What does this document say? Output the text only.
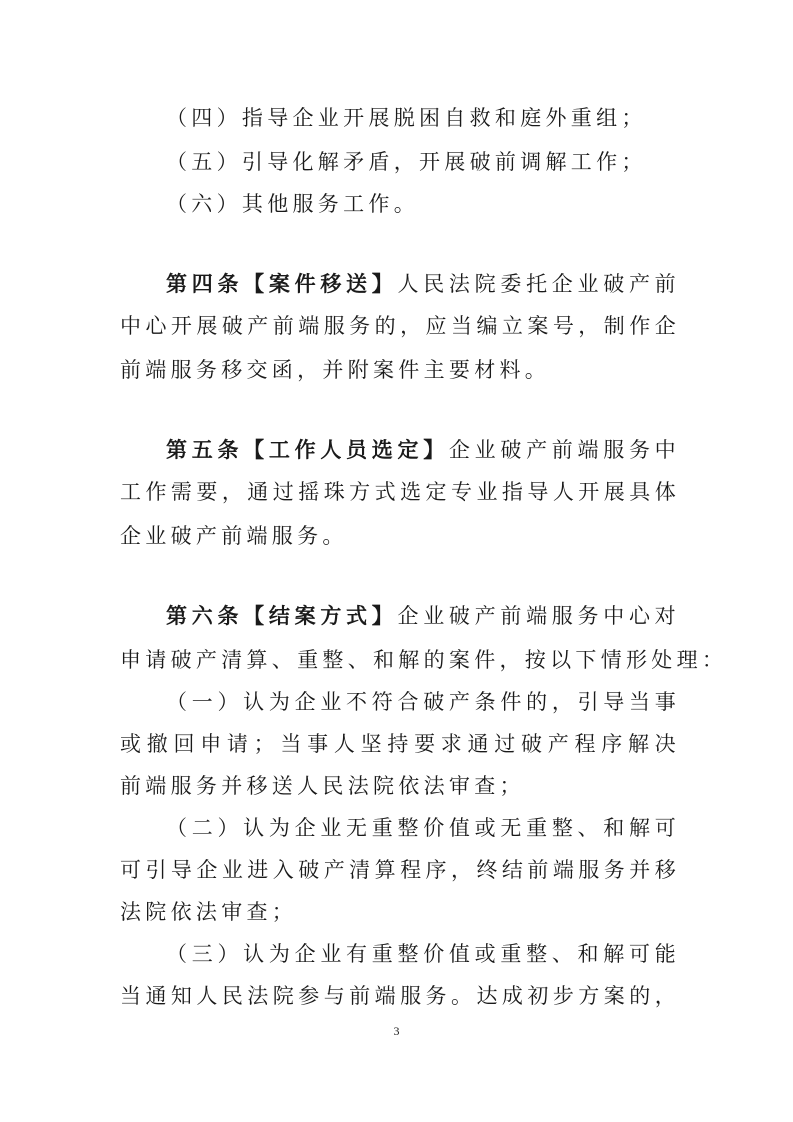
（四）指导企业开展脱困自救和庭外重组；
（五）引导化解矛盾，开展破前调解工作；
（六）其他服务工作。
第四条【案件移送】人民法院委托企业破产前
中心开展破产前端服务的，应当编立案号，制作企
前端服务移交函，并附案件主要材料。
第五条【工作人员选定】企业破产前端服务中
工作需要，通过摇珠方式选定专业指导人开展具体
企业破产前端服务。
第六条【结案方式】企业破产前端服务中心对
申请破产清算、重整、和解的案件，按以下情形处理：
（一）认为企业不符合破产条件的，引导当事
或撤回申请；当事人坚持要求通过破产程序解决
前端服务并移送人民法院依法审查；
（二）认为企业无重整价值或无重整、和解可
可引导企业进入破产清算程序，终结前端服务并移
法院依法审查；
（三）认为企业有重整价值或重整、和解可能
当通知人民法院参与前端服务。达成初步方案的，
3
